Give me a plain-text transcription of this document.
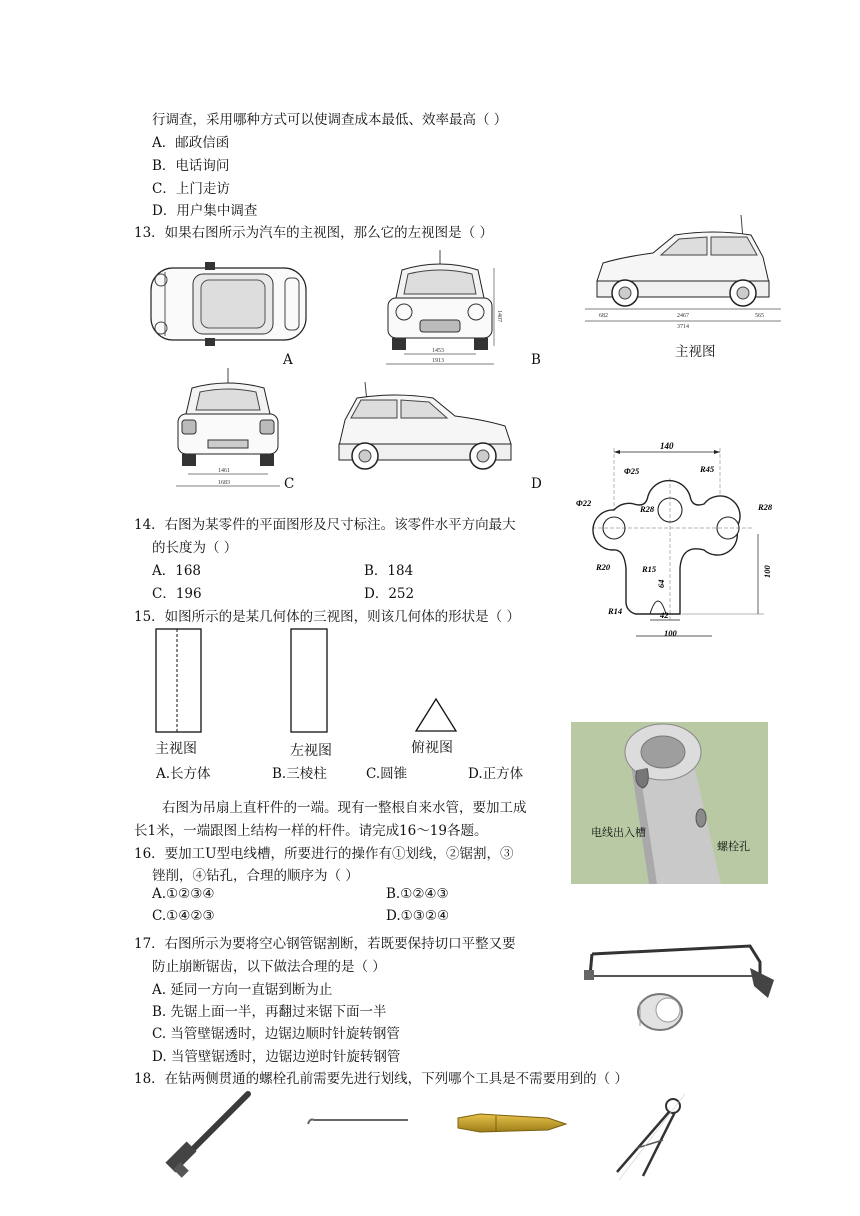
行调查，采用哪种方式可以使调查成本最低、效率最高（ ）
A．邮政信函
B．电话询问
C．上门走访
D．用户集中调查
13．如果右图所示为汽车的主视图，那么它的左视图是（ ）
A
1407
1453
1913	B
682	2467	565
3714
主视图
1461
1683	C	D
14．右图为某零件的平面图形及尺寸标注。该零件水平方向最大
的长度为（ ）
A．168	B．184
C．196	D．252
140
Φ25	R45
Φ22
R28	R28
R20	R15
64
100
R14	42
100
15．如图所示的是某几何体的三视图，则该几何体的形状是（ ）
主视图	左视图	俯视图
A.长方体	B.三棱柱	C.圆锥	D.正方体
电线出入槽
螺栓孔
右图为吊扇上直杆件的一端。现有一整根自来水管，要加工成
长1米，一端跟图上结构一样的杆件。请完成16～19各题。
16．要加工U型电线槽，所要进行的操作有①划线，②锯割，③
锉削，④钻孔，合理的顺序为（ ）
A.①②③④	B.①②④③
C.①④②③	D.①③②④
17．右图所示为要将空心钢管锯割断，若既要保持切口平整又要
防止崩断锯齿，以下做法合理的是（ ）
A. 延同一方向一直锯到断为止
B. 先锯上面一半，再翻过来锯下面一半
C. 当管壁锯透时，边锯边顺时针旋转钢管
D. 当管壁锯透时，边锯边逆时针旋转钢管
18．在钻两侧贯通的螺栓孔前需要先进行划线，下列哪个工具是不需要用到的（ ）
